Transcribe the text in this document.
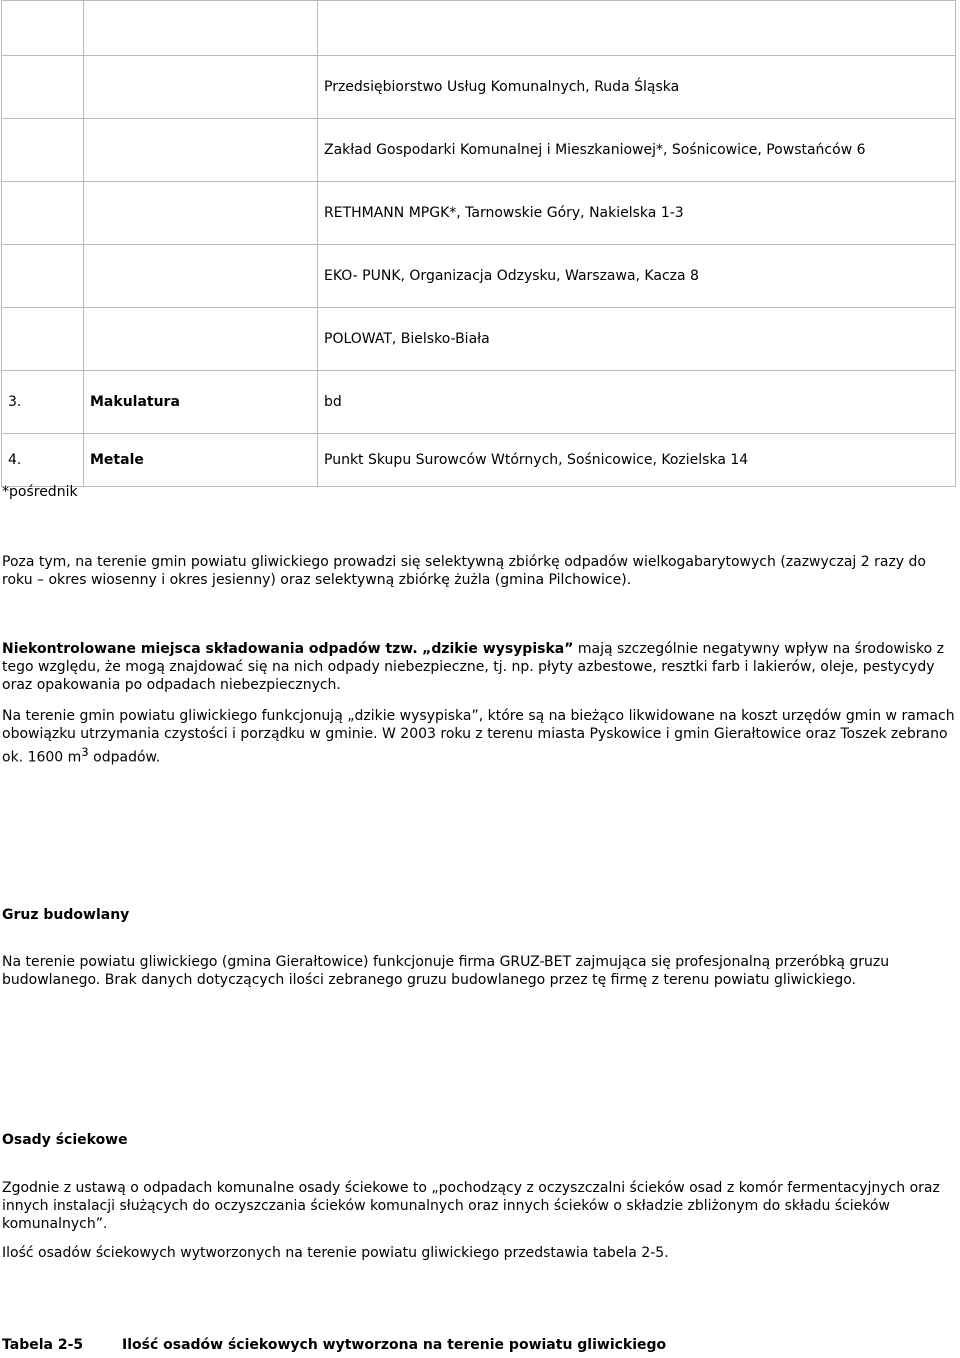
		Przedsiębiorstwo Usług Komunalnych, Ruda Śląska
		Zakład Gospodarki Komunalnej i Mieszkaniowej*, Sośnicowice, Powstańców 6
		RETHMANN MPGK*, Tarnowskie Góry, Nakielska 1-3
		EKO- PUNK, Organizacja Odzysku, Warszawa, Kacza 8
		POLOWAT, Bielsko-Biała
3.	Makulatura	bd
4.	Metale	Punkt Skupu Surowców Wtórnych, Sośnicowice, Kozielska 14

*pośrednik

Poza tym, na terenie gmin powiatu gliwickiego prowadzi się selektywną zbiórkę odpadów wielkogabarytowych (zazwyczaj 2 razy do roku – okres wiosenny i okres jesienny) oraz selektywną zbiórkę żużla (gmina Pilchowice).

Niekontrolowane miejsca składowania odpadów tzw. „dzikie wysypiska” mają szczególnie negatywny wpływ na środowisko z tego względu, że mogą znajdować się na nich odpady niebezpieczne, tj. np. płyty azbestowe, resztki farb i lakierów, oleje, pestycydy oraz opakowania po odpadach niebezpiecznych.

Na terenie gmin powiatu gliwickiego funkcjonują „dzikie wysypiska”, które są na bieżąco likwidowane na koszt urzędów gmin w ramach obowiązku utrzymania czystości i porządku w gminie. W 2003 roku z terenu miasta Pyskowice i gmin Gierałtowice oraz Toszek zebrano ok. 1600 $m^3$ odpadów.

Gruz budowlany

Na terenie powiatu gliwickiego (gmina Gierałtowice) funkcjonuje firma GRUZ-BET zajmująca się profesjonalną przeróbką gruzu budowlanego. Brak danych dotyczących ilości zebranego gruzu budowlanego przez tę firmę z terenu powiatu gliwickiego.

Osady ściekowe

Zgodnie z ustawą o odpadach komunalne osady ściekowe to „pochodzący z oczyszczalni ścieków osad z komór fermentacyjnych oraz innych instalacji służących do oczyszczania ścieków komunalnych oraz innych ścieków o składzie zbliżonym do składu ścieków komunalnych”.

Ilość osadów ściekowych wytworzonych na terenie powiatu gliwickiego przedstawia tabela 2-5.

Tabela 2-5	Ilość osadów ściekowych wytworzona na terenie powiatu gliwickiego
